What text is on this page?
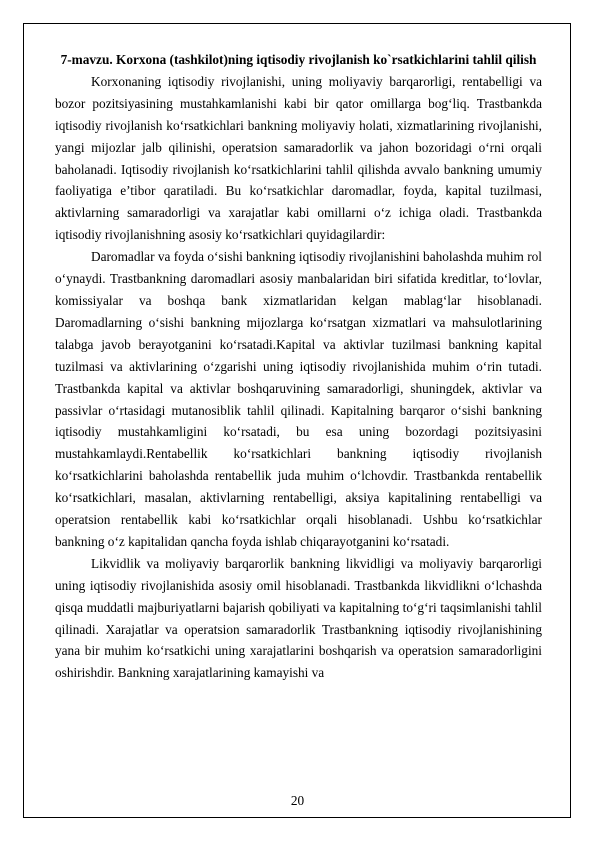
7-mavzu. Korxona (tashkilot)ning iqtisodiy rivojlanish ko`rsatkichlarini tahlil qilish

Korxonaning iqtisodiy rivojlanishi, uning moliyaviy barqarorligi, rentabelligi va bozor pozitsiyasining mustahkamlanishi kabi bir qator omillarga bog‘liq. Trastbankda iqtisodiy rivojlanish ko‘rsatkichlari bankning moliyaviy holati, xizmatlarining rivojlanishi, yangi mijozlar jalb qilinishi, operatsion samaradorlik va jahon bozoridagi o‘rni orqali baholanadi. Iqtisodiy rivojlanish ko‘rsatkichlarini tahlil qilishda avvalo bankning umumiy faoliyatiga e’tibor qaratiladi. Bu ko‘rsatkichlar daromadlar, foyda, kapital tuzilmasi, aktivlarning samaradorligi va xarajatlar kabi omillarni o‘z ichiga oladi. Trastbankda iqtisodiy rivojlanishning asosiy ko‘rsatkichlari quyidagilardir:

Daromadlar va foyda o‘sishi bankning iqtisodiy rivojlanishini baholashda muhim rol o‘ynaydi. Trastbankning daromadlari asosiy manbalaridan biri sifatida kreditlar, to‘lovlar, komissiyalar va boshqa bank xizmatlaridan kelgan mablag‘lar hisoblanadi. Daromadlarning o‘sishi bankning mijozlarga ko‘rsatgan xizmatlari va mahsulotlarining talabga javob berayotganini ko‘rsatadi.Kapital va aktivlar tuzilmasi bankning kapital tuzilmasi va aktivlarining o‘zgarishi uning iqtisodiy rivojlanishida muhim o‘rin tutadi. Trastbankda kapital va aktivlar boshqaruvining samaradorligi, shuningdek, aktivlar va passivlar o‘rtasidagi mutanosiblik tahlil qilinadi. Kapitalning barqaror o‘sishi bankning iqtisodiy mustahkamligini ko‘rsatadi, bu esa uning bozordagi pozitsiyasini mustahkamlaydi.Rentabellik ko‘rsatkichlari bankning iqtisodiy rivojlanish ko‘rsatkichlarini baholashda rentabellik juda muhim o‘lchovdir. Trastbankda rentabellik ko‘rsatkichlari, masalan, aktivlarning rentabelligi, aksiya kapitalining rentabelligi va operatsion rentabellik kabi ko‘rsatkichlar orqali hisoblanadi. Ushbu ko‘rsatkichlar bankning o‘z kapitalidan qancha foyda ishlab chiqarayotganini ko‘rsatadi.

Likvidlik va moliyaviy barqarorlik bankning likvidligi va moliyaviy barqarorligi uning iqtisodiy rivojlanishida asosiy omil hisoblanadi. Trastbankda likvidlikni o‘lchashda qisqa muddatli majburiyatlarni bajarish qobiliyati va kapitalning to‘g‘ri taqsimlanishi tahlil qilinadi. Xarajatlar va operatsion samaradorlik Trastbankning iqtisodiy rivojlanishining yana bir muhim ko‘rsatkichi uning xarajatlarini boshqarish va operatsion samaradorligini oshirishdir. Bankning xarajatlarining kamayishi va

20
